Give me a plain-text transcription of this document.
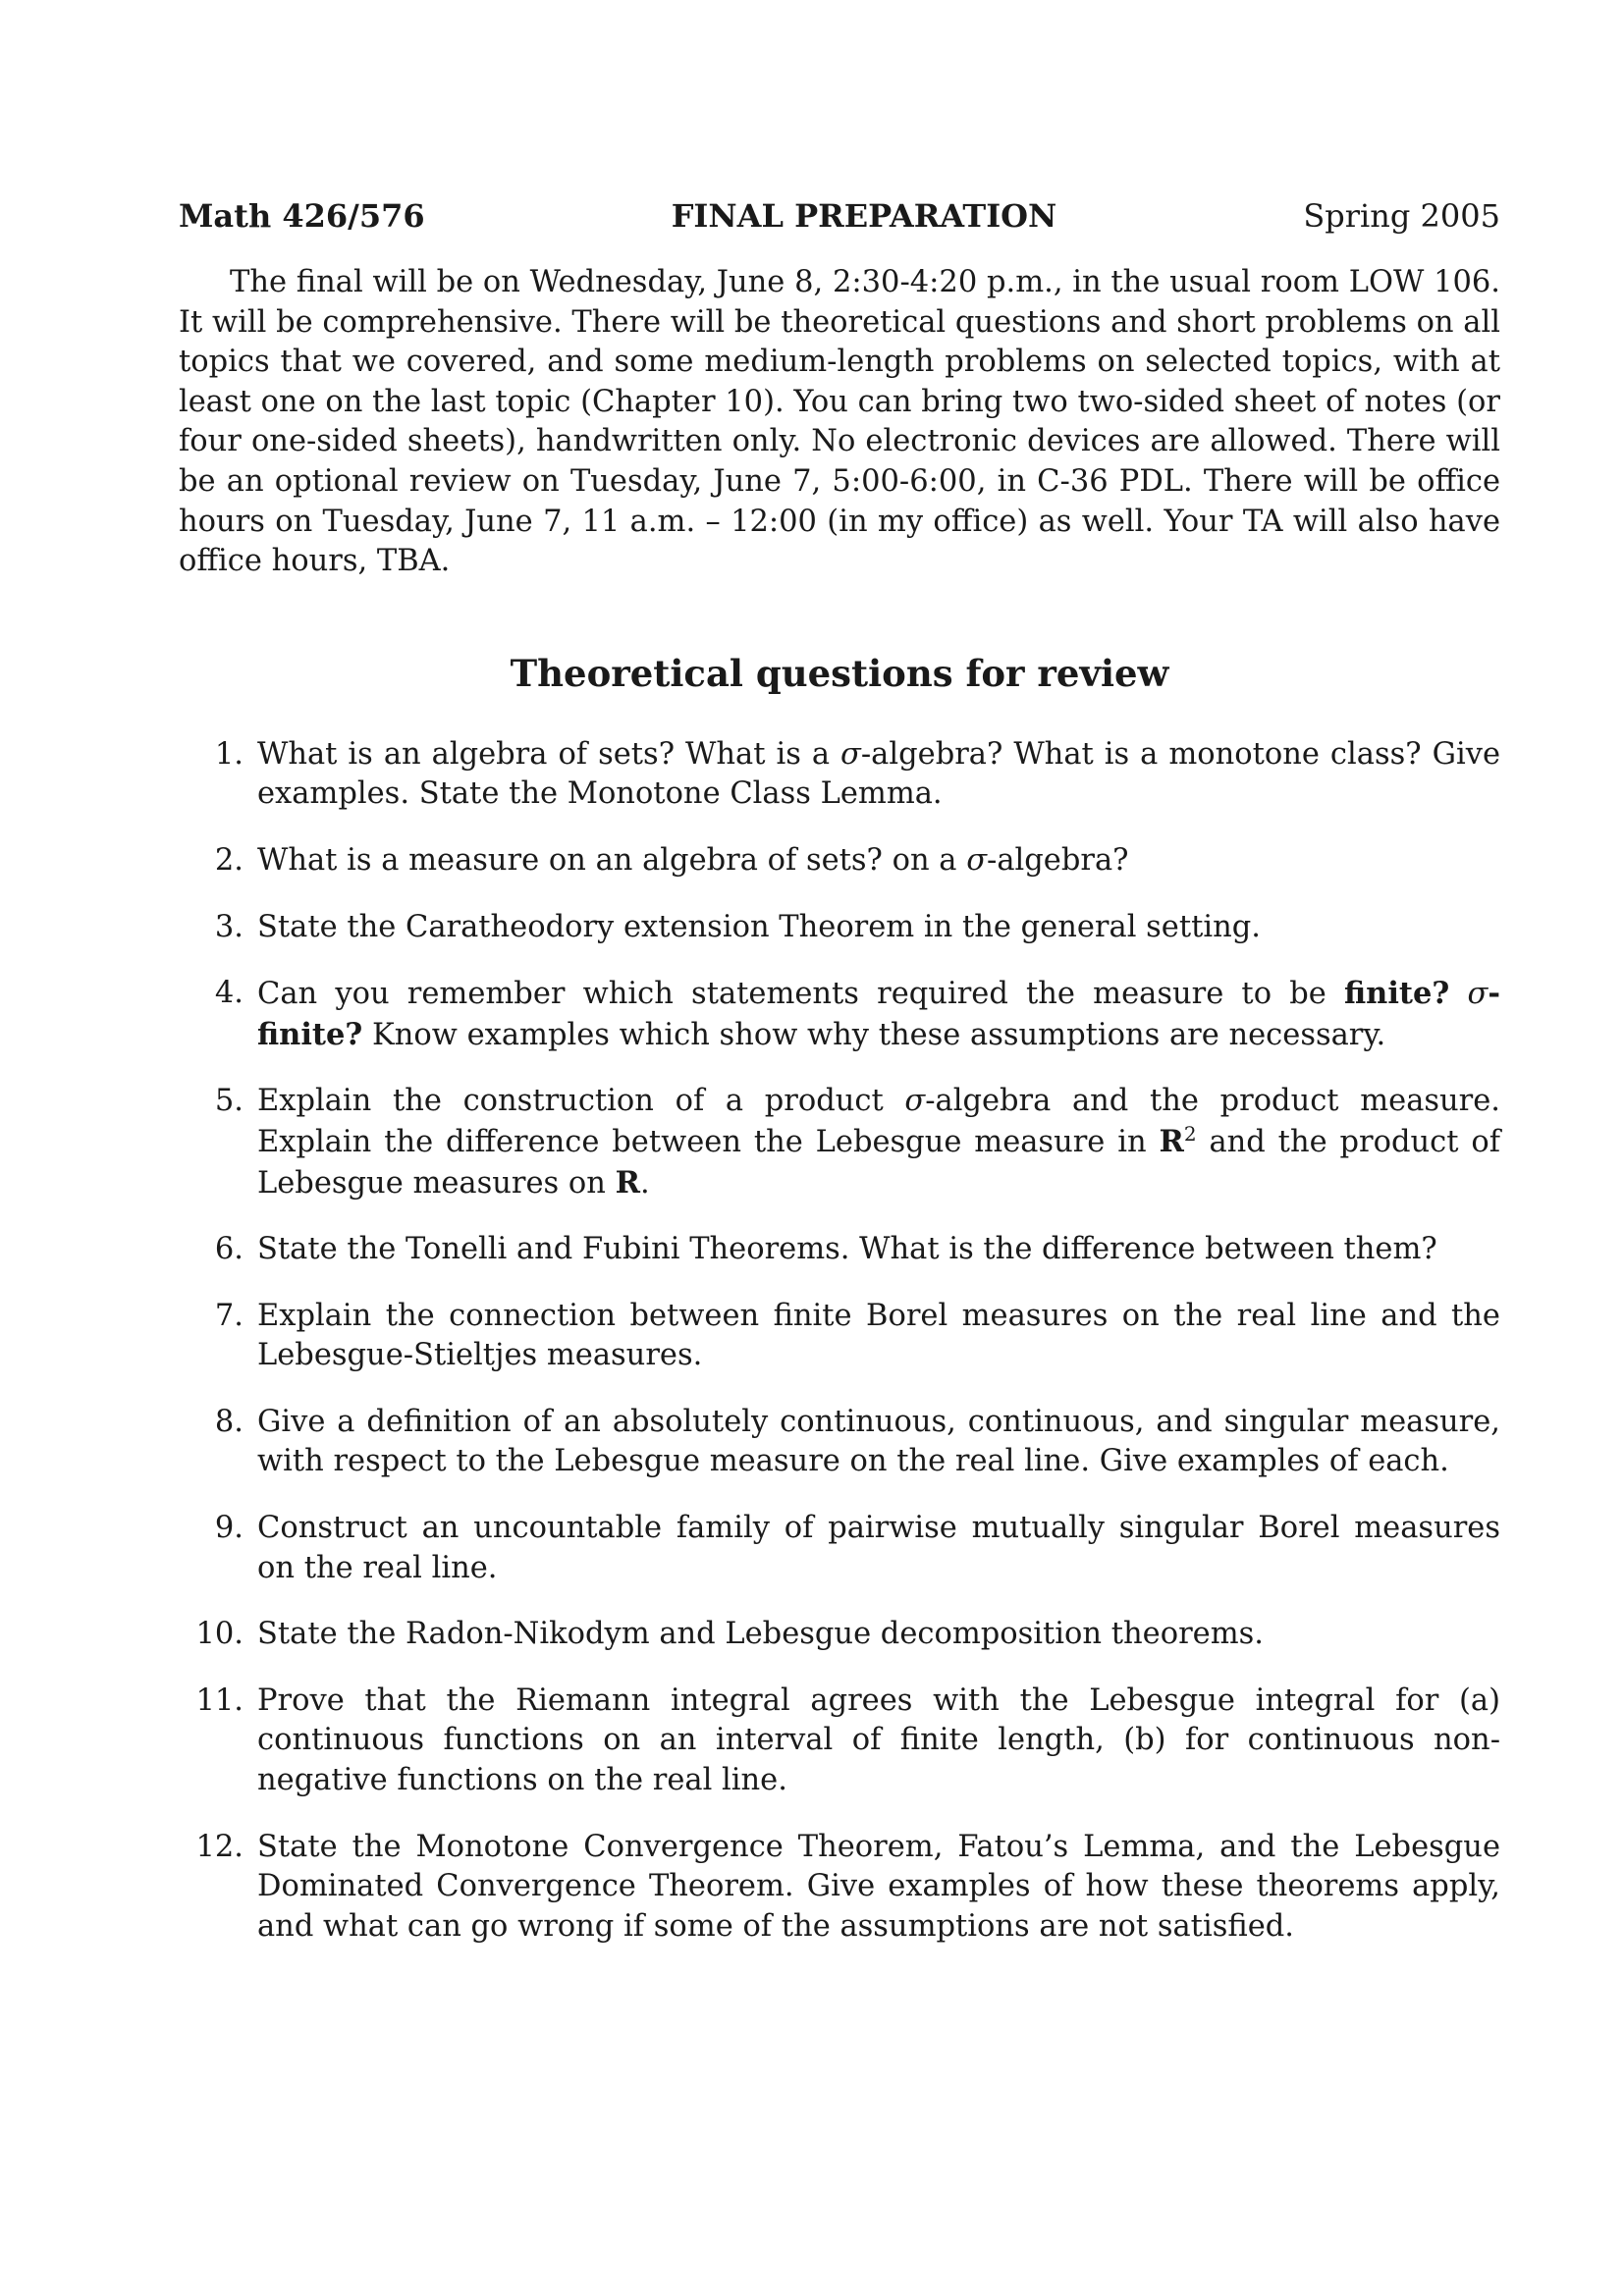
Math 426/576	FINAL PREPARATION	Spring 2005

The final will be on Wednesday, June 8, 2:30-4:20 p.m., in the usual room LOW 106. It will be comprehensive. There will be theoretical questions and short problems on all topics that we covered, and some medium-length problems on selected topics, with at least one on the last topic (Chapter 10). You can bring two two-sided sheet of notes (or four one-sided sheets), handwritten only. No electronic devices are allowed. There will be an optional review on Tuesday, June 7, 5:00-6:00, in C-36 PDL. There will be office hours on Tuesday, June 7, 11 a.m. – 12:00 (in my office) as well. Your TA will also have office hours, TBA.

Theoretical questions for review
1. What is an algebra of sets? What is a σ-algebra? What is a monotone class? Give examples. State the Monotone Class Lemma.
2. What is a measure on an algebra of sets? on a σ-algebra?
3. State the Caratheodory extension Theorem in the general setting.
4. Can you remember which statements required the measure to be finite? σ-finite? Know examples which show why these assumptions are necessary.
5. Explain the construction of a product σ-algebra and the product measure. Explain the difference between the Lebesgue measure in $R^2$ and the product of Lebesgue measures on R.
6. State the Tonelli and Fubini Theorems. What is the difference between them?
7. Explain the connection between finite Borel measures on the real line and the Lebesgue-Stieltjes measures.
8. Give a definition of an absolutely continuous, continuous, and singular measure, with respect to the Lebesgue measure on the real line. Give examples of each.
9. Construct an uncountable family of pairwise mutually singular Borel measures on the real line.
10. State the Radon-Nikodym and Lebesgue decomposition theorems.
11. Prove that the Riemann integral agrees with the Lebesgue integral for (a) continuous functions on an interval of finite length, (b) for continuous non-negative functions on the real line.
12. State the Monotone Convergence Theorem, Fatou’s Lemma, and the Lebesgue Dominated Convergence Theorem. Give examples of how these theorems apply, and what can go wrong if some of the assumptions are not satisfied.
